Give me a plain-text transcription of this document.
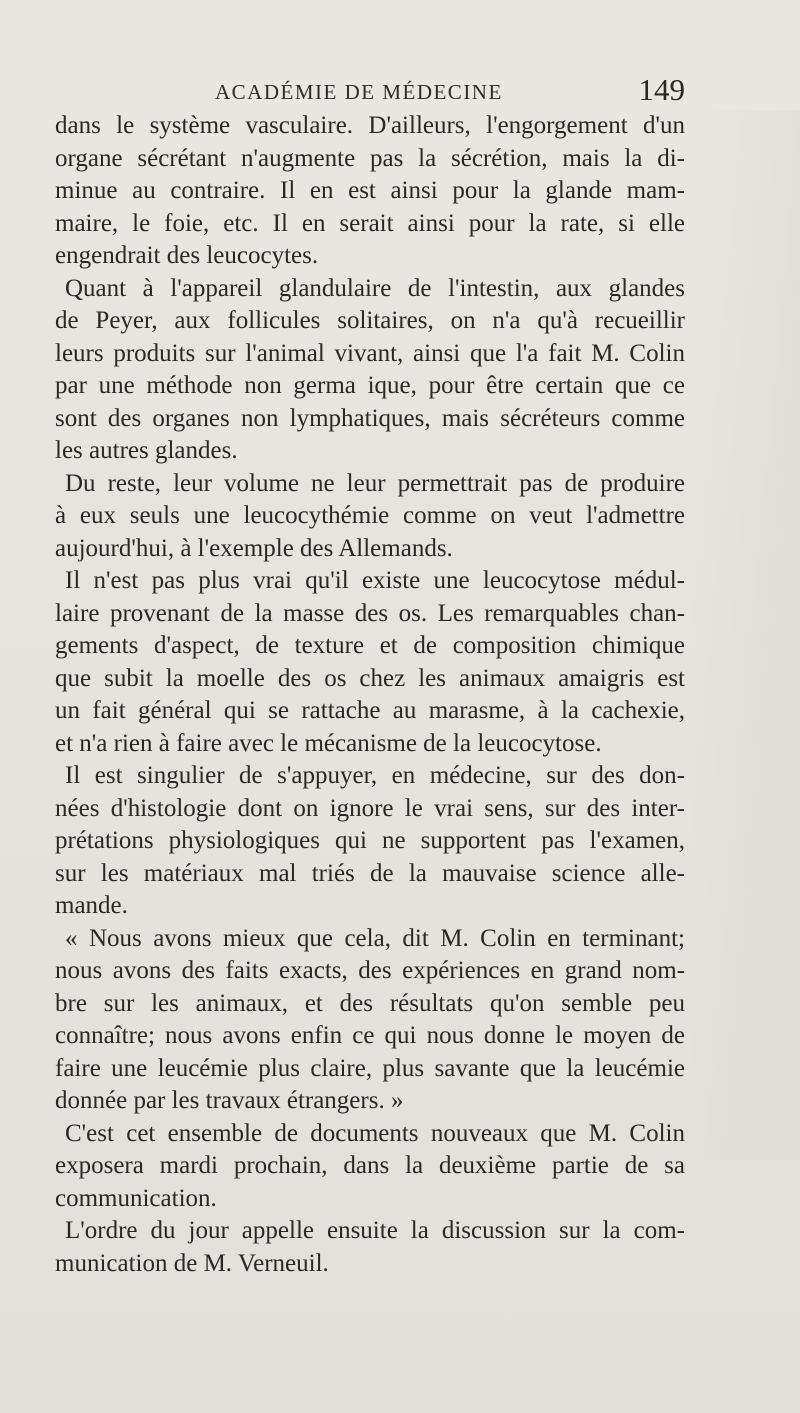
ACADÉMIE DE MÉDECINE	149
dans le système vasculaire. D'ailleurs, l'engorgement d'un
organe sécrétant n'augmente pas la sécrétion, mais la di-
minue au contraire. Il en est ainsi pour la glande mam-
maire, le foie, etc. Il en serait ainsi pour la rate, si elle
engendrait des leucocytes.
Quant à l'appareil glandulaire de l'intestin, aux glandes
de Peyer, aux follicules solitaires, on n'a qu'à recueillir
leurs produits sur l'animal vivant, ainsi que l'a fait M. Colin
par une méthode non germa ique, pour être certain que ce
sont des organes non lymphatiques, mais sécréteurs comme
les autres glandes.
Du reste, leur volume ne leur permettrait pas de produire
à eux seuls une leucocythémie comme on veut l'admettre
aujourd'hui, à l'exemple des Allemands.
Il n'est pas plus vrai qu'il existe une leucocytose médul-
laire provenant de la masse des os. Les remarquables chan-
gements d'aspect, de texture et de composition chimique
que subit la moelle des os chez les animaux amaigris est
un fait général qui se rattache au marasme, à la cachexie,
et n'a rien à faire avec le mécanisme de la leucocytose.
Il est singulier de s'appuyer, en médecine, sur des don-
nées d'histologie dont on ignore le vrai sens, sur des inter-
prétations physiologiques qui ne supportent pas l'examen,
sur les matériaux mal triés de la mauvaise science alle-
mande.
« Nous avons mieux que cela, dit M. Colin en terminant;
nous avons des faits exacts, des expériences en grand nom-
bre sur les animaux, et des résultats qu'on semble peu
connaître; nous avons enfin ce qui nous donne le moyen de
faire une leucémie plus claire, plus savante que la leucémie
donnée par les travaux étrangers. »
C'est cet ensemble de documents nouveaux que M. Colin
exposera mardi prochain, dans la deuxième partie de sa
communication.
L'ordre du jour appelle ensuite la discussion sur la com-
munication de M. Verneuil.
